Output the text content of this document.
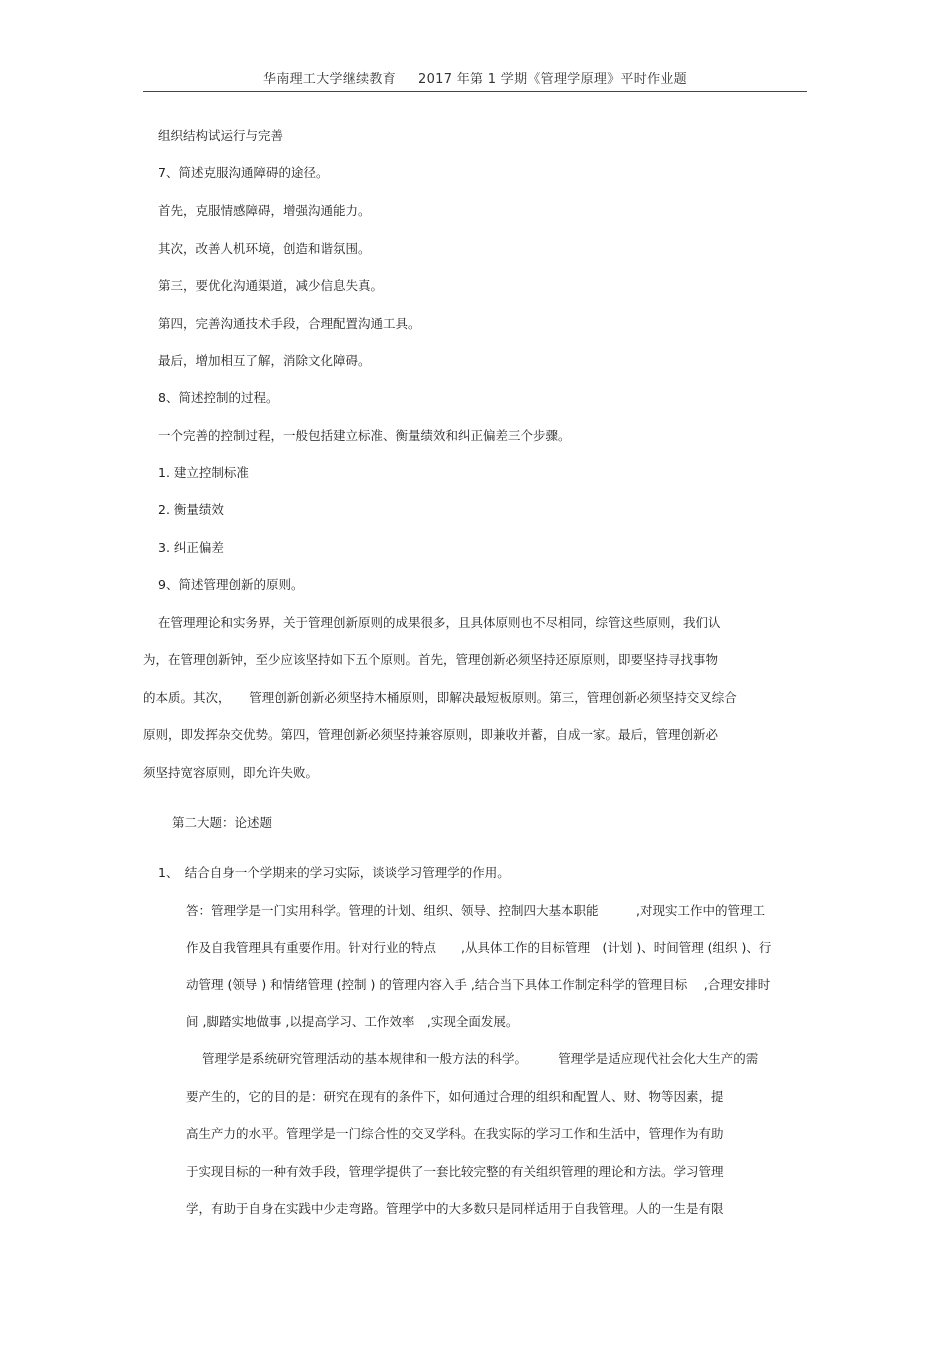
华南理工大学继续教育 2017 年第 1 学期《管理学原理》平时作业题
组织结构试运行与完善
7、简述克服沟通障碍的途径。
首先，克服情感障碍，增强沟通能力。
其次，改善人机环境，创造和谐氛围。
第三，要优化沟通渠道，减少信息失真。
第四，完善沟通技术手段，合理配置沟通工具。
最后，增加相互了解，消除文化障碍。
8、简述控制的过程。
一个完善的控制过程，一般包括建立标准、衡量绩效和纠正偏差三个步骤。
1. 建立控制标准
2. 衡量绩效
3. 纠正偏差
9、简述管理创新的原则。
在管理理论和实务界，关于管理创新原则的成果很多，且具体原则也不尽相同，综管这些原则，我们认
为，在管理创新钟，至少应该坚持如下五个原则。首先，管理创新必须坚持还原原则，即要坚持寻找事物
的本质。其次，　　管理创新创新必须坚持木桶原则，即解决最短板原则。第三，管理创新必须坚持交叉综合
原则，即发挥杂交优势。第四，管理创新必须坚持兼容原则，即兼收并蓄，自成一家。最后，管理创新必
须坚持宽容原则，即允许失败。
第二大题：论述题
1、　结合自身一个学期来的学习实际，谈谈学习管理学的作用。
答：管理学是一门实用科学。管理的计划、组织、领导、控制四大基本职能　　　,对现实工作中的管理工
作及自我管理具有重要作用。针对行业的特点　　,从具体工作的目标管理　(计划 )、时间管理 (组织 )、行
动管理 (领导 ) 和情绪管理 (控制 ) 的管理内容入手 ,结合当下具体工作制定科学的管理目标　 ,合理安排时
间 ,脚踏实地做事 ,以提高学习、工作效率　,实现全面发展。
管理学是系统研究管理活动的基本规律和一般方法的科学。　　　管理学是适应现代社会化大生产的需
要产生的，它的目的是：研究在现有的条件下，如何通过合理的组织和配置人、财、物等因素，提
高生产力的水平。管理学是一门综合性的交叉学科。在我实际的学习工作和生活中，管理作为有助
于实现目标的一种有效手段，管理学提供了一套比较完整的有关组织管理的理论和方法。学习管理
学，有助于自身在实践中少走弯路。管理学中的大多数只是同样适用于自我管理。人的一生是有限
